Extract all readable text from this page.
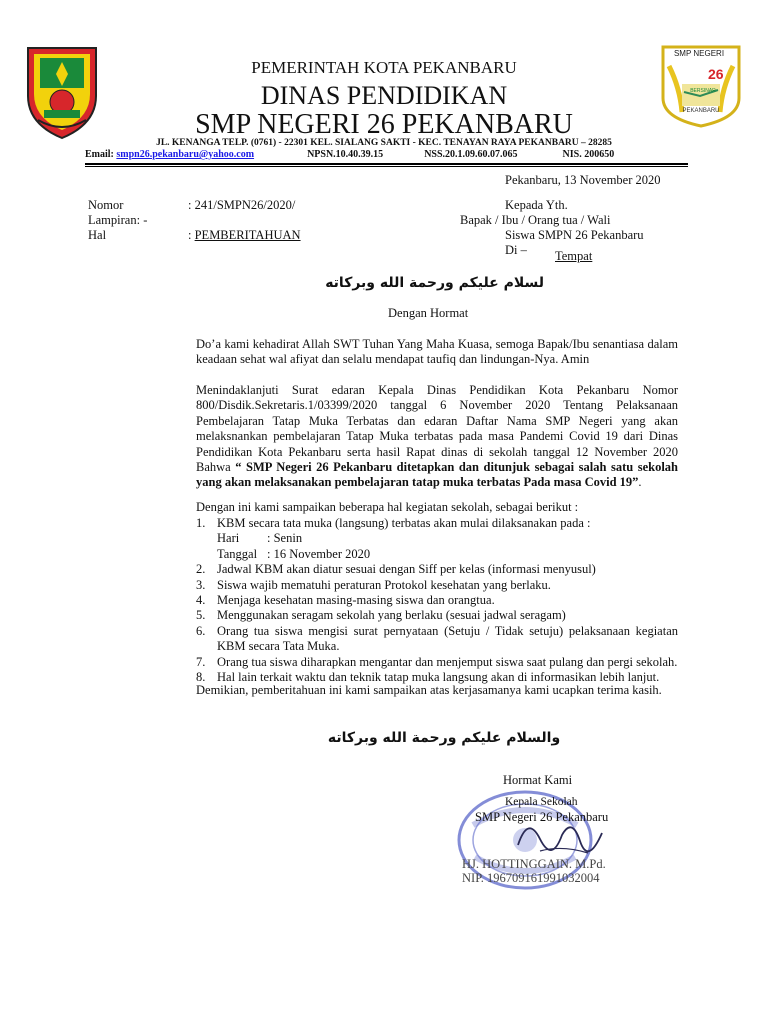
SMP NEGERI
26
BERSINAR
PEKANBARU
PEMERINTAH KOTA PEKANBARU
DINAS PENDIDIKAN
SMP NEGERI 26 PEKANBARU
JL. KENANGA TELP. (0761) - 22301 KEL. SIALANG SAKTI - KEC. TENAYAN RAYA PEKANBARU – 28285
Email: smpn26.pekanbaru@yahoo.com	NPSN.10.40.39.15	NSS.20.1.09.60.07.065	NIS. 200650
Pekanbaru, 13 November 2020
Nomor	: 241/SMPN26/2020/
Lampiran: -
Hal	: PEMBERITAHUAN
Kepada Yth.
Bapak / Ibu / Orang tua / Wali
Siswa SMPN 26 Pekanbaru
Di – Tempat
لسلام عليكم ورحمة الله وبركاته
Dengan Hormat
Do’a kami kehadirat Allah SWT Tuhan Yang Maha Kuasa, semoga Bapak/Ibu senantiasa dalam keadaan sehat wal afiyat dan selalu mendapat taufiq dan lindungan-Nya. Amin
Menindaklanjuti Surat edaran Kepala Dinas Pendidikan Kota Pekanbaru Nomor 800/Disdik.Sekretaris.1/03399/2020 tanggal 6 November 2020 Tentang Pelaksanaan Pembelajaran Tatap Muka Terbatas dan edaran Daftar Nama SMP Negeri yang akan melaksnankan pembelajaran Tatap Muka terbatas pada masa Pandemi Covid 19 dari Dinas Pendidikan Kota Pekanbaru serta hasil Rapat dinas di sekolah tanggal 12 November 2020 Bahwa “ SMP Negeri 26 Pekanbaru ditetapkan dan ditunjuk sebagai salah satu sekolah yang akan melaksanakan pembelajaran tatap muka terbatas Pada masa Covid 19”.
Dengan ini kami sampaikan beberapa hal kegiatan sekolah, sebagai berikut :
1. KBM secara tata muka (langsung) terbatas akan mulai dilaksanakan pada :
Hari	: Senin
Tanggal : 16 November 2020
2. Jadwal KBM akan diatur sesuai dengan Siff per kelas (informasi menyusul)
3. Siswa wajib mematuhi peraturan Protokol kesehatan yang berlaku.
4. Menjaga kesehatan masing-masing siswa dan orangtua.
5. Menggunakan seragam sekolah yang berlaku (sesuai jadwal seragam)
6. Orang tua siswa mengisi surat pernyataan (Setuju / Tidak setuju) pelaksanaan kegiatan KBM secara Tata Muka.
7. Orang tua siswa diharapkan mengantar dan menjemput siswa saat pulang dan pergi sekolah.
8. Hal lain terkait waktu dan teknik tatap muka langsung akan di informasikan lebih lanjut.
Demikian, pemberitahuan ini kami sampaikan atas kerjasamanya kami ucapkan terima kasih.
والسلام عليكم ورحمة الله وبركاته
Hormat Kami
Kepala Sekolah
SMP Negeri 26 Pekanbaru
HJ. HOTTINGGAIN. M.Pd.
NIP. 196709161991032004
